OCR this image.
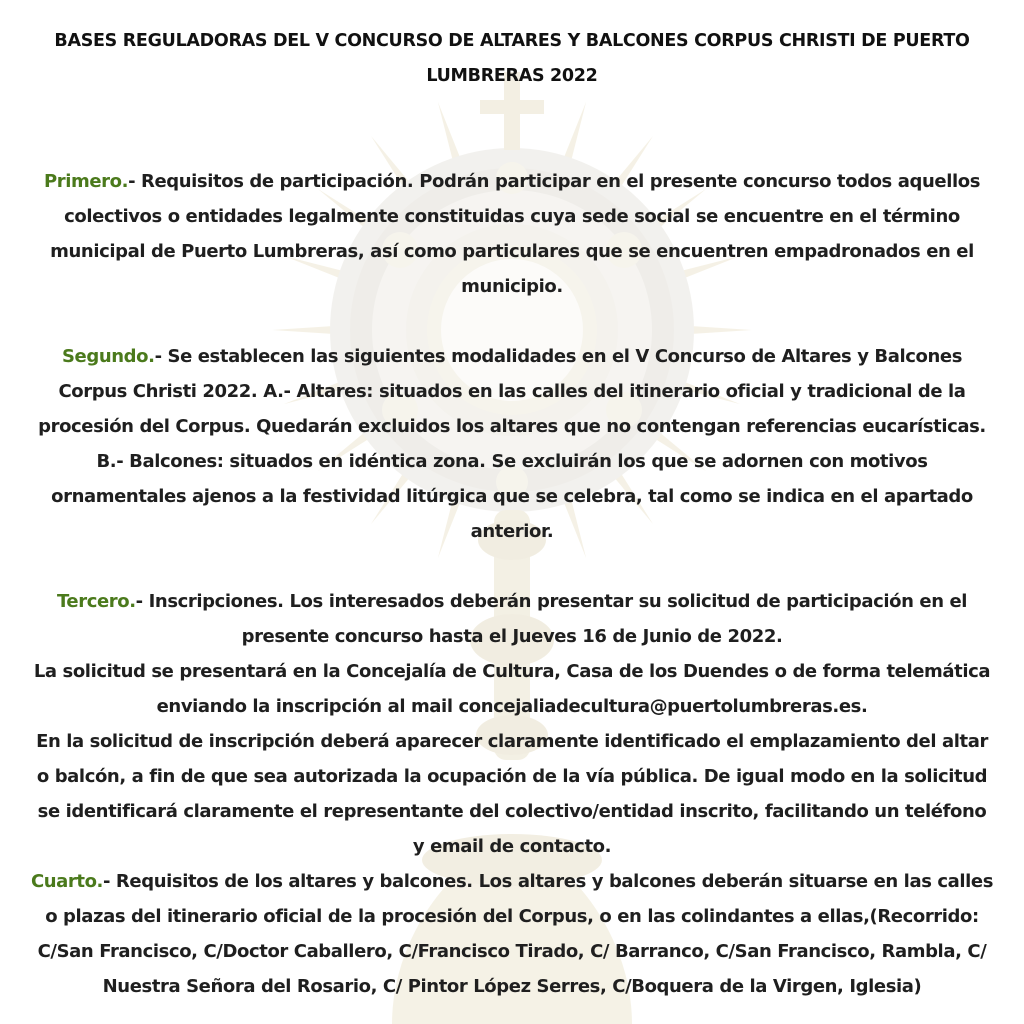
BASES REGULADORAS DEL V CONCURSO DE ALTARES Y BALCONES CORPUS CHRISTI DE PUERTO
LUMBRERAS 2022

Primero.- Requisitos de participación. Podrán participar en el presente concurso todos aquellos
colectivos o entidades legalmente constituidas cuya sede social se encuentre en el término
municipal de Puerto Lumbreras, así como particulares que se encuentren empadronados en el
municipio.

Segundo.- Se establecen las siguientes modalidades en el V Concurso de Altares y Balcones
Corpus Christi 2022. A.- Altares: situados en las calles del itinerario oficial y tradicional de la
procesión del Corpus. Quedarán excluidos los altares que no contengan referencias eucarísticas.
B.- Balcones: situados en idéntica zona. Se excluirán los que se adornen con motivos
ornamentales ajenos a la festividad litúrgica que se celebra, tal como se indica en el apartado
anterior.

Tercero.- Inscripciones. Los interesados deberán presentar su solicitud de participación en el
presente concurso hasta el Jueves 16 de Junio de 2022.
La solicitud se presentará en la Concejalía de Cultura, Casa de los Duendes o de forma telemática
enviando la inscripción al mail concejaliadecultura@puertolumbreras.es.
En la solicitud de inscripción deberá aparecer claramente identificado el emplazamiento del altar
o balcón, a fin de que sea autorizada la ocupación de la vía pública. De igual modo en la solicitud
se identificará claramente el representante del colectivo/entidad inscrito, facilitando un teléfono
y email de contacto.

Cuarto.- Requisitos de los altares y balcones. Los altares y balcones deberán situarse en las calles
o plazas del itinerario oficial de la procesión del Corpus, o en las colindantes a ellas,(Recorrido:
C/San Francisco, C/Doctor Caballero, C/Francisco Tirado, C/ Barranco, C/San Francisco, Rambla, C/
Nuestra Señora del Rosario, C/ Pintor López Serres, C/Boquera de la Virgen, Iglesia)
